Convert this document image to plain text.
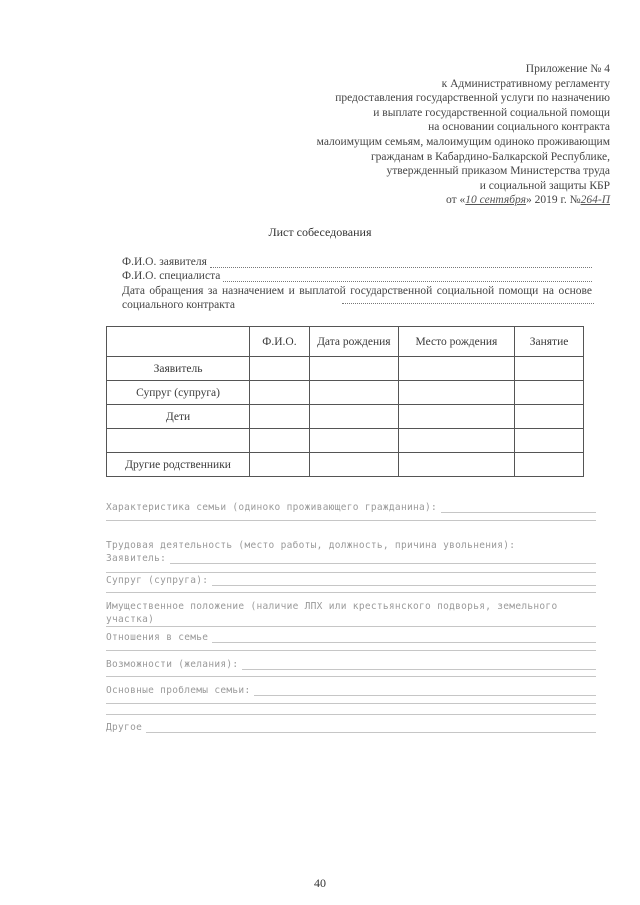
Приложение № 4
к Административному регламенту
предоставления государственной услуги по назначению
и выплате государственной социальной помощи
на основании социального контракта
малоимущим семьям, малоимущим одиноко проживающим
гражданам в Кабардино-Балкарской Республике,
утвержденный приказом Министерства труда
и социальной защиты КБР
от «10 сентября» 2019 г. №264-П
Лист собеседования
Ф.И.О. заявителя
Ф.И.О. специалиста
Дата обращения за назначением и выплатой государственной социальной помощи на основе социального контракта
	Ф.И.О.	Дата рождения	Место рождения	Занятие
Заявитель				
Супруг (супруга)				
Дети				

Другие родственники				
Характеристика семьи (одиноко проживающего гражданина):
Трудовая деятельность (место работы, должность, причина увольнения):
Заявитель:
Супруг (супруга):
Имущественное положение (наличие ЛПХ или крестьянского подворья, земельного участка)
Отношения в семье
Возможности (желания):
Основные проблемы семьи:
Другое
40
